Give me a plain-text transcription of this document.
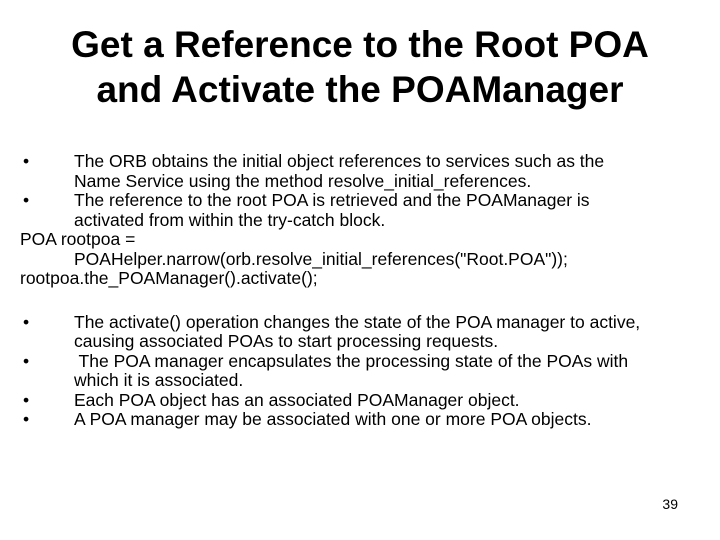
Get a Reference to the Root POA
and Activate the POAManager
•	The ORB obtains the initial object references to services such as the
Name Service using the method resolve_initial_references.
•	The reference to the root POA is retrieved and the POAManager is
activated from within the try-catch block.
POA rootpoa =
POAHelper.narrow(orb.resolve_initial_references("Root.POA"));
rootpoa.the_POAManager().activate();
•	The activate() operation changes the state of the POA manager to active,
causing associated POAs to start processing requests.
•	The POA manager encapsulates the processing state of the POAs with
which it is associated.
•	Each POA object has an associated POAManager object.
•	A POA manager may be associated with one or more POA objects.
39
